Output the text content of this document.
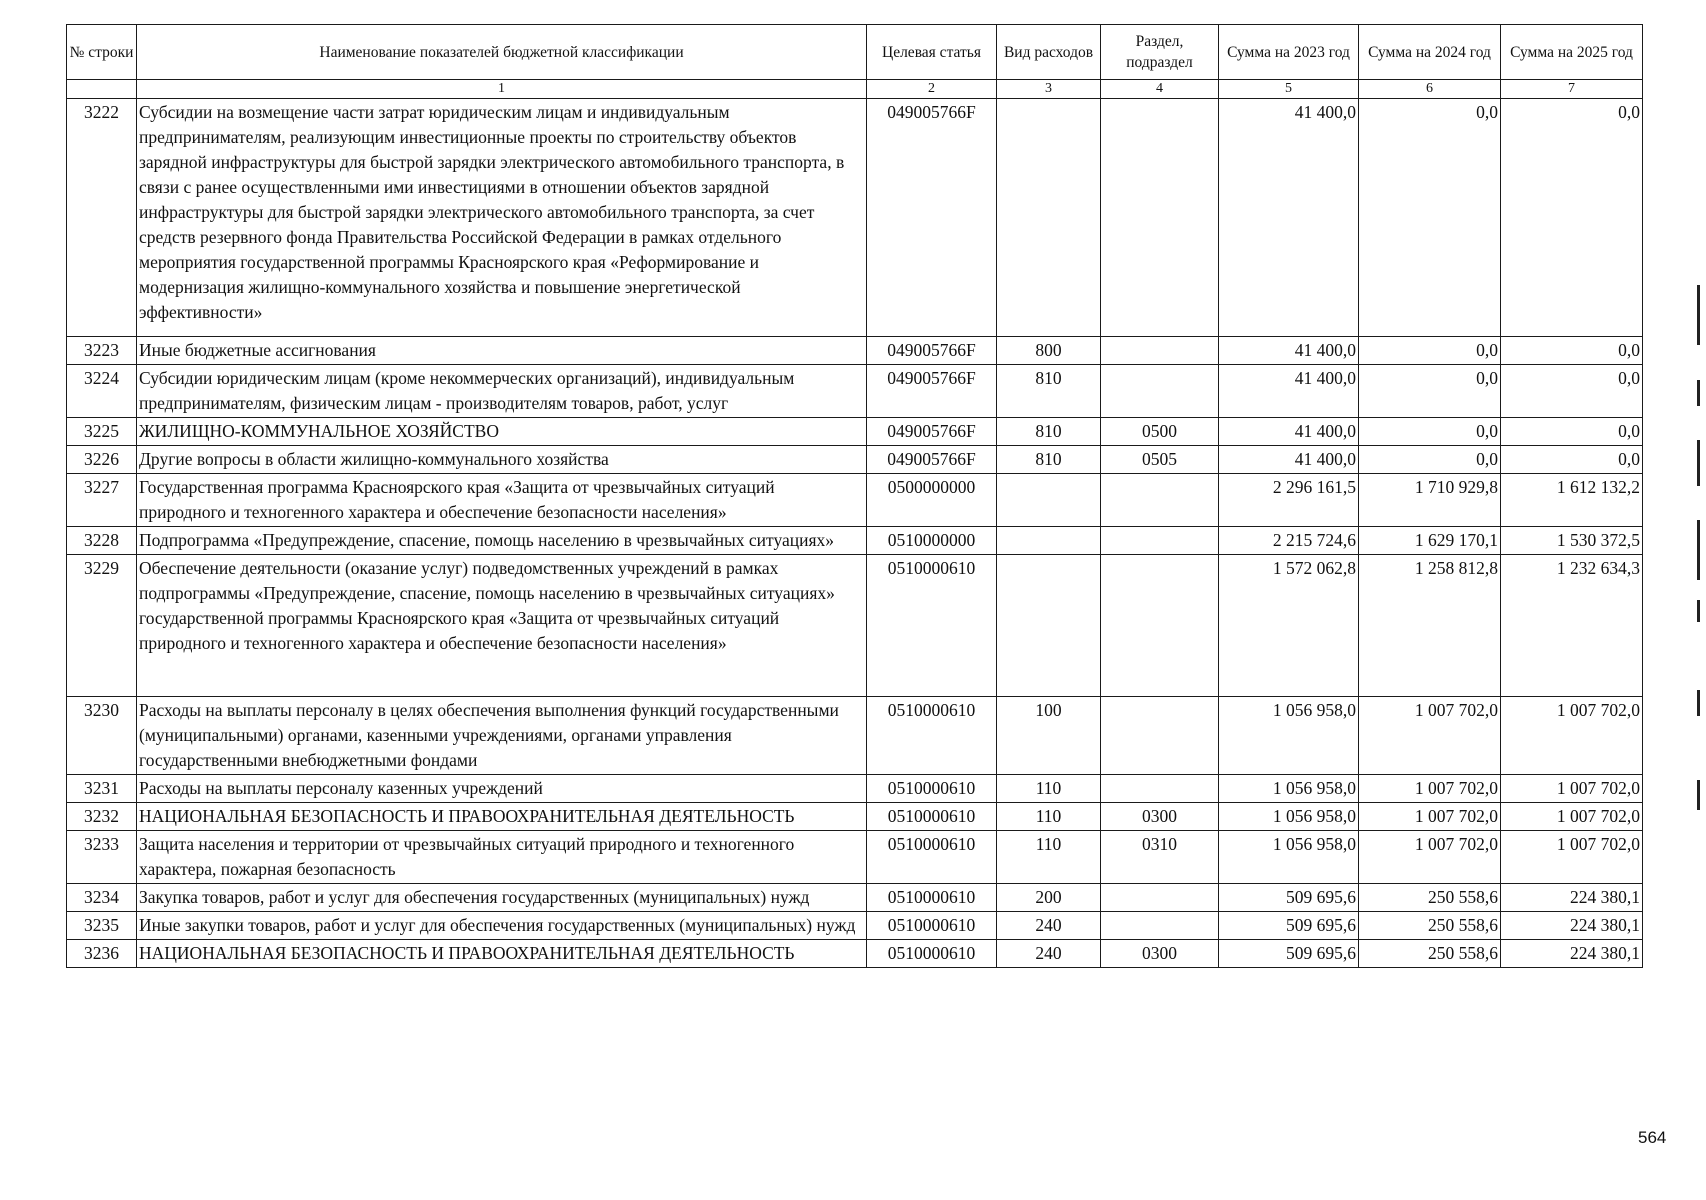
№ строки	Наименование показателей бюджетной классификации	Целевая статья	Вид расходов	Раздел, подраздел	Сумма на 2023 год	Сумма на 2024 год	Сумма на 2025 год
	1	2	3	4	5	6	7
3222	Субсидии на возмещение части затрат юридическим лицам и индивидуальным предпринимателям, реализующим инвестиционные проекты по строительству объектов зарядной инфраструктуры для быстрой зарядки электрического автомобильного транспорта, в связи с ранее осуществленными ими инвестициями в отношении объектов зарядной инфраструктуры для быстрой зарядки электрического автомобильного транспорта, за счет средств резервного фонда Правительства Российской Федерации в рамках отдельного мероприятия государственной программы Красноярского края «Реформирование и модернизация жилищно-коммунального хозяйства и повышение энергетической эффективности»	049005766F			41 400,0	0,0	0,0
3223	Иные бюджетные ассигнования	049005766F	800		41 400,0	0,0	0,0
3224	Субсидии юридическим лицам (кроме некоммерческих организаций), индивидуальным предпринимателям, физическим лицам - производителям товаров, работ, услуг	049005766F	810		41 400,0	0,0	0,0
3225	ЖИЛИЩНО-КОММУНАЛЬНОЕ ХОЗЯЙСТВО	049005766F	810	0500	41 400,0	0,0	0,0
3226	Другие вопросы в области жилищно-коммунального хозяйства	049005766F	810	0505	41 400,0	0,0	0,0
3227	Государственная программа Красноярского края «Защита от чрезвычайных ситуаций природного и техногенного характера и обеспечение безопасности населения»	0500000000			2 296 161,5	1 710 929,8	1 612 132,2
3228	Подпрограмма «Предупреждение, спасение, помощь населению в чрезвычайных ситуациях»	0510000000			2 215 724,6	1 629 170,1	1 530 372,5
3229	Обеспечение деятельности (оказание услуг) подведомственных учреждений в рамках подпрограммы «Предупреждение, спасение, помощь населению в чрезвычайных ситуациях» государственной программы Красноярского края «Защита от чрезвычайных ситуаций природного и техногенного характера и обеспечение безопасности населения»	0510000610			1 572 062,8	1 258 812,8	1 232 634,3
3230	Расходы на выплаты персоналу в целях обеспечения выполнения функций государственными (муниципальными) органами, казенными учреждениями, органами управления государственными внебюджетными фондами	0510000610	100		1 056 958,0	1 007 702,0	1 007 702,0
3231	Расходы на выплаты персоналу казенных учреждений	0510000610	110		1 056 958,0	1 007 702,0	1 007 702,0
3232	НАЦИОНАЛЬНАЯ БЕЗОПАСНОСТЬ И ПРАВООХРАНИТЕЛЬНАЯ ДЕЯТЕЛЬНОСТЬ	0510000610	110	0300	1 056 958,0	1 007 702,0	1 007 702,0
3233	Защита населения и территории от чрезвычайных ситуаций природного и техногенного характера, пожарная безопасность	0510000610	110	0310	1 056 958,0	1 007 702,0	1 007 702,0
3234	Закупка товаров, работ и услуг для обеспечения государственных (муниципальных) нужд	0510000610	200		509 695,6	250 558,6	224 380,1
3235	Иные закупки товаров, работ и услуг для обеспечения государственных (муниципальных) нужд	0510000610	240		509 695,6	250 558,6	224 380,1
3236	НАЦИОНАЛЬНАЯ БЕЗОПАСНОСТЬ И ПРАВООХРАНИТЕЛЬНАЯ ДЕЯТЕЛЬНОСТЬ	0510000610	240	0300	509 695,6	250 558,6	224 380,1
564
